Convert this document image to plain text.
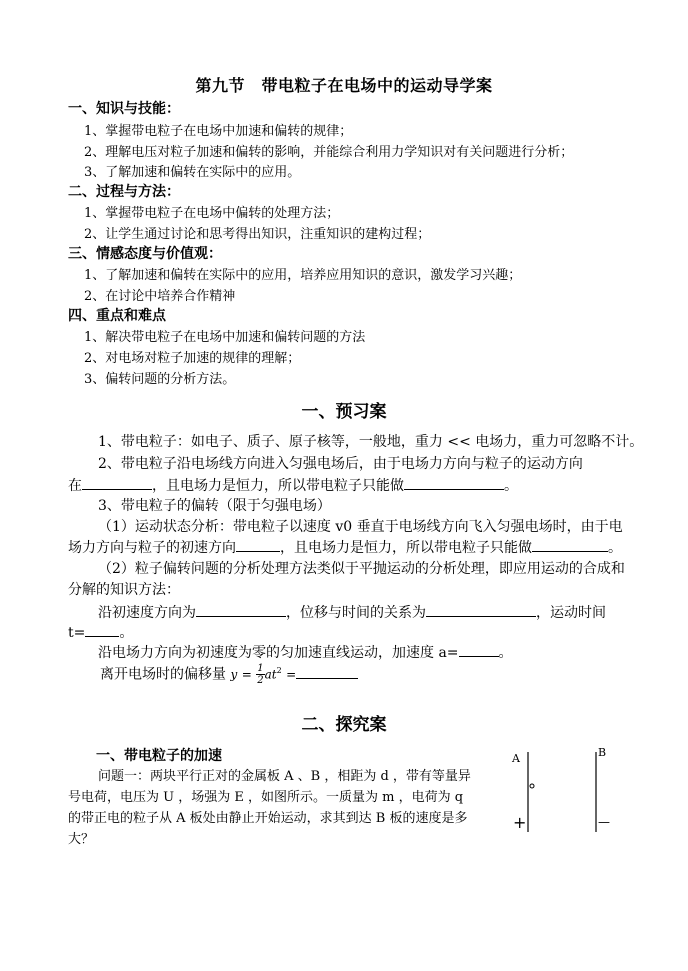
第九节　带电粒子在电场中的运动导学案
一、知识与技能：
1、掌握带电粒子在电场中加速和偏转的规律；
2、理解电压对粒子加速和偏转的影响，并能综合利用力学知识对有关问题进行分析；
3、了解加速和偏转在实际中的应用。
二、过程与方法：
1、掌握带电粒子在电场中偏转的处理方法；
2、让学生通过讨论和思考得出知识，注重知识的建构过程；
三、情感态度与价值观：
1、了解加速和偏转在实际中的应用，培养应用知识的意识，激发学习兴趣；
2、在讨论中培养合作精神
四、重点和难点
1、解决带电粒子在电场中加速和偏转问题的方法
2、对电场对粒子加速的规律的理解；
3、偏转问题的分析方法。
一、预习案
1、带电粒子：如电子、质子、原子核等，一般地，重力 << 电场力，重力可忽略不计。
2、带电粒子沿电场线方向进入匀强电场后，由于电场力方向与粒子的运动方向
在	，且电场力是恒力，所以带电粒子只能做	。
3、带电粒子的偏转（限于匀强电场）
（1）运动状态分析：带电粒子以速度 v0 垂直于电场线方向飞入匀强电场时，由于电
场力方向与粒子的初速方向	，且电场力是恒力，所以带电粒子只能做	。
（2）粒子偏转问题的分析处理方法类似于平抛运动的分析处理，即应用运动的合成和
分解的知识方法：
沿初速度方向为	，位移与时间的关系为	，运动时间
t= 。
沿电场力方向为初速度为零的匀加速直线运动，加速度 a=	。
离开电场时的偏移量 $y = \frac{1}{2} at^2$ =
二、探究案
一、带电粒子的加速
问题一：两块平行正对的金属板 A 、B ，相距为 d ，带有等量异
号电荷，电压为 U ，场强为 E ，如图所示。一质量为 m ，电荷为 q
的带正电的粒子从 A 板处由静止开始运动，求其到达 B 板的速度是多
大？
A	B
+	—
